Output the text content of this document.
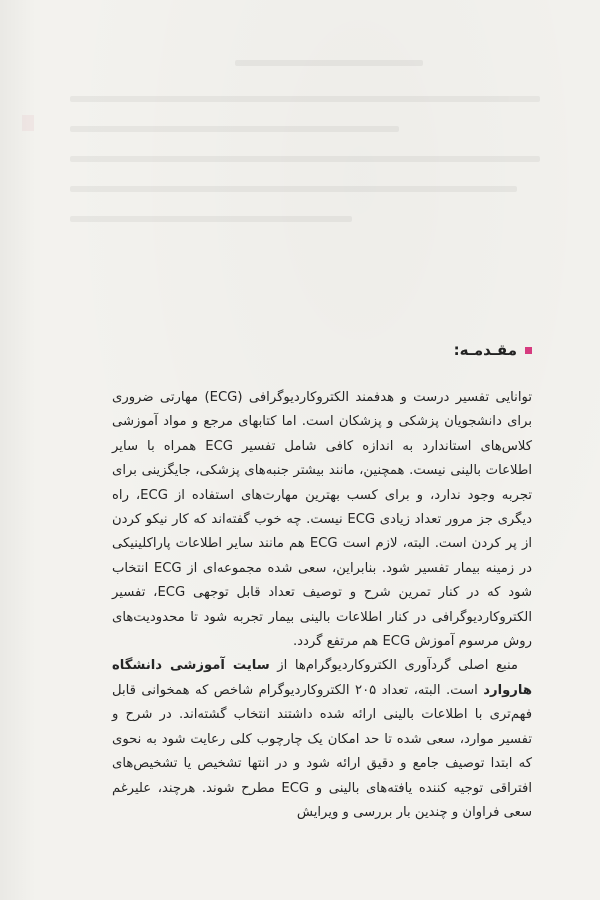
مقـدمـه:

توانایی تفسیر درست و هدفمند الکتروکاردیوگرافی (ECG) مهارتی ضروری برای دانشجویان پزشکی و پزشکان است. اما کتابهای مرجع و مواد آموزشی کلاس‌های استاندارد به اندازه کافی شامل تفسیر ECG همراه با سایر اطلاعات بالینی نیست. همچنین، مانند بیشتر جنبه‌های پزشکی، جایگزینی برای تجربه وجود ندارد، و برای کسب بهترین مهارت‌های استفاده از ECG، راه دیگری جز مرور تعداد زیادی ECG نیست. چه خوب گفته‌اند که کار نیکو کردن از پر کردن است. البته، لازم است ECG هم مانند سایر اطلاعات پاراکلینیکی در زمینه بیمار تفسیر شود. بنابراین، سعی شده مجموعه‌ای از ECG انتخاب شود که در کنار تمرین شرح و توصیف تعداد قابل توجهی ECG، تفسیر الکتروکاردیوگرافی در کنار اطلاعات بالینی بیمار تجربه شود تا محدودیت‌های روش مرسوم آموزش ECG هم مرتفع گردد.

منبع اصلی گردآوری الکتروکاردیوگرام‌ها از سایت آموزشی دانشگاه هاروارد است. البته، تعداد ۲۰۵ الکتروکاردیوگرام شاخص که همخوانی قابل فهم‌تری با اطلاعات بالینی ارائه شده داشتند انتخاب گشته‌اند. در شرح و تفسیر موارد، سعی شده تا حد امکان یک چارچوب کلی رعایت شود به نحوی که ابتدا توصیف جامع و دقیق ارائه شود و در انتها تشخیص یا تشخیص‌های افتراقی توجیه کننده یافته‌های بالینی و ECG مطرح شوند. هرچند، علیرغم سعی فراوان و چندین بار بررسی و ویرایش
